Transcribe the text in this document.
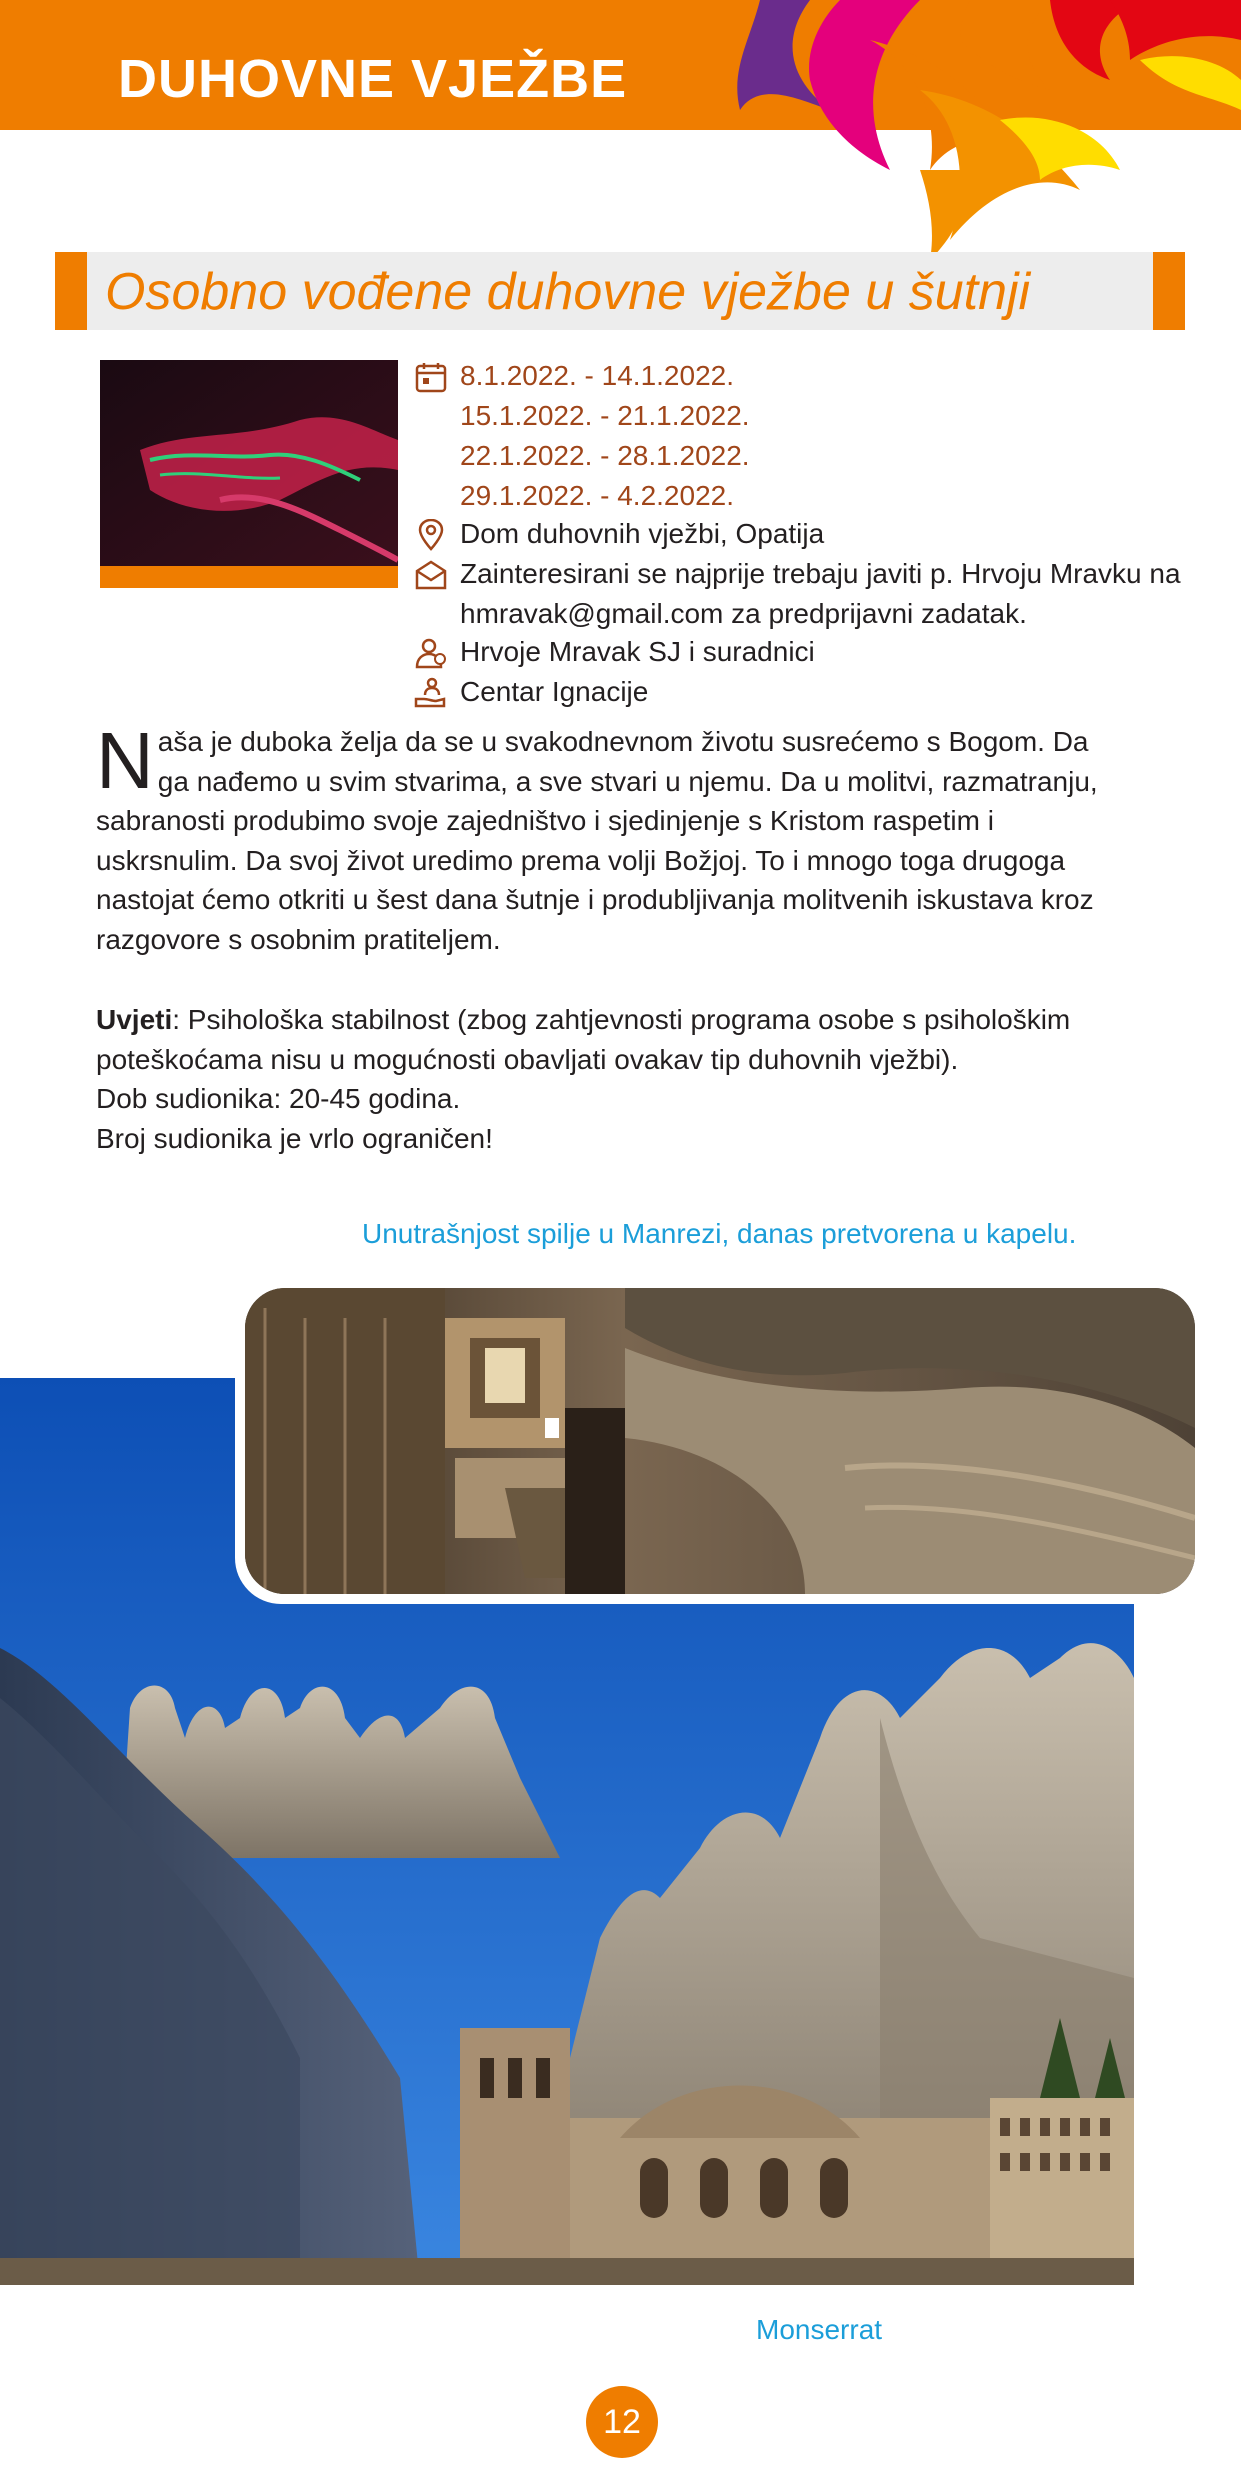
DUHOVNE VJEŽBE
Osobno vođene duhovne vježbe u šutnji
8.1.2022. - 14.1.2022.
15.1.2022. - 21.1.2022.
22.1.2022. - 28.1.2022.
29.1.2022. - 4.2.2022.
Dom duhovnih vježbi, Opatija
Zainteresirani se najprije trebaju javiti p. Hrvoju Mravku na
hmravak@gmail.com za predprijavni zadatak.
Hrvoje Mravak SJ i suradnici
Centar Ignacije
Naša je duboka želja da se u svakodnevnom životu susrećemo s Bogom. Da ga nađemo u svim stvarima, a sve stvari u njemu. Da u molitvi, razmatranju, sabranosti produbimo svoje zajedništvo i sjedinjenje s Kristom raspetim i uskrsnulim. Da svoj život uredimo prema volji Božjoj. To i mnogo toga drugoga nastojat ćemo otkriti u šest dana šutnje i produbljivanja molitvenih iskustava kroz razgovore s osobnim pratiteljem.
Uvjeti: Psihološka stabilnost (zbog zahtjevnosti programa osobe s psihološkim poteškoćama nisu u mogućnosti obavljati ovakav tip duhovnih vježbi).
Dob sudionika: 20-45 godina.
Broj sudionika je vrlo ograničen!
Unutrašnjost spilje u Manrezi, danas pretvorena u kapelu.
Monserrat
12
